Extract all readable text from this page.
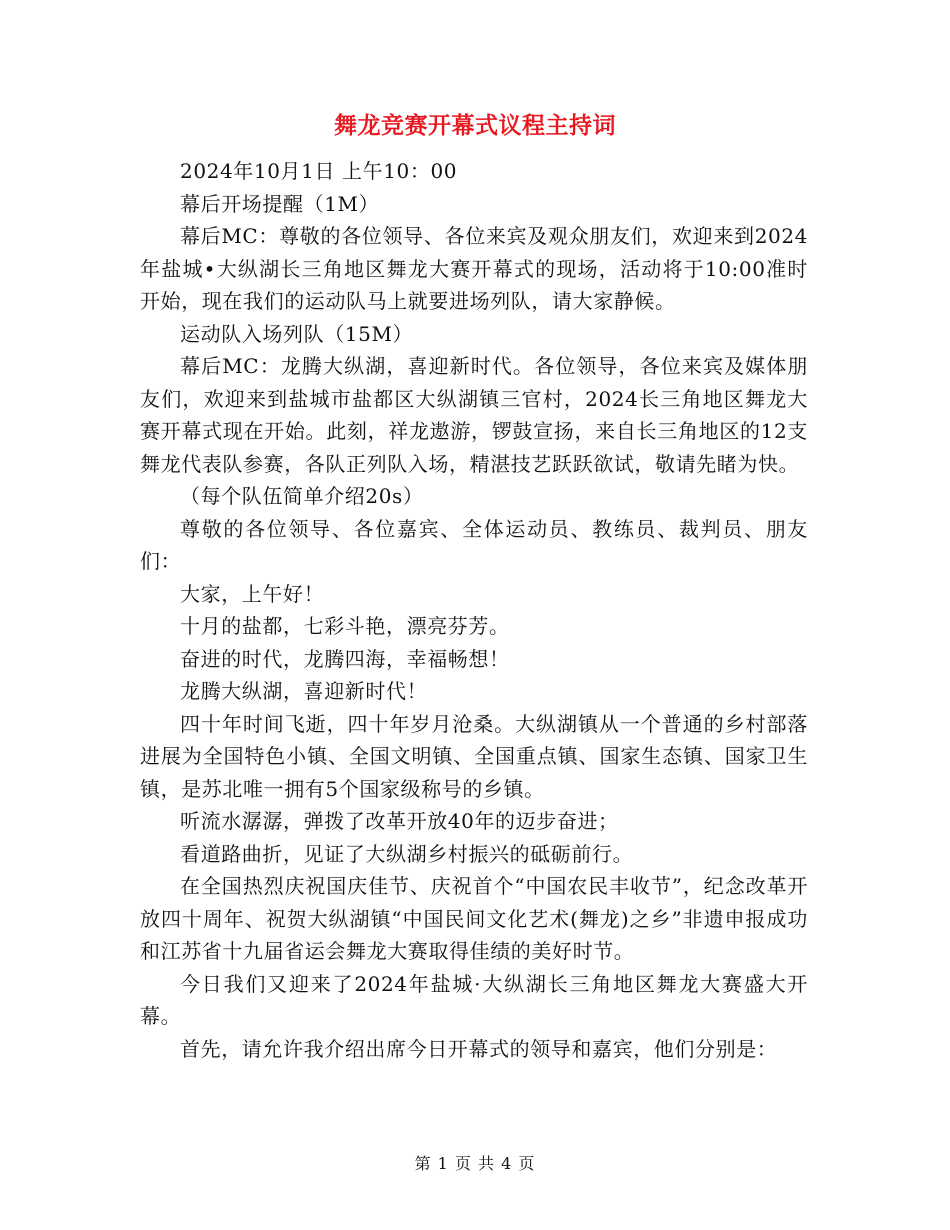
舞龙竞赛开幕式议程主持词

2024年10月1日 上午10：00

幕后开场提醒（1M）

幕后MC：尊敬的各位领导、各位来宾及观众朋友们，欢迎来到2024年盐城•大纵湖长三角地区舞龙大赛开幕式的现场，活动将于10:00准时开始，现在我们的运动队马上就要进场列队，请大家静候。

运动队入场列队（15M）

幕后MC：龙腾大纵湖，喜迎新时代。各位领导，各位来宾及媒体朋友们，欢迎来到盐城市盐都区大纵湖镇三官村，2024长三角地区舞龙大赛开幕式现在开始。此刻，祥龙遨游，锣鼓宣扬，来自长三角地区的12支舞龙代表队参赛，各队正列队入场，精湛技艺跃跃欲试，敬请先睹为快。

（每个队伍简单介绍20s）

尊敬的各位领导、各位嘉宾、全体运动员、教练员、裁判员、朋友们：

大家，上午好！

十月的盐都，七彩斗艳，漂亮芬芳。

奋进的时代，龙腾四海，幸福畅想！

龙腾大纵湖，喜迎新时代！

四十年时间飞逝，四十年岁月沧桑。大纵湖镇从一个普通的乡村部落进展为全国特色小镇、全国文明镇、全国重点镇、国家生态镇、国家卫生镇，是苏北唯一拥有5个国家级称号的乡镇。

听流水潺潺，弹拨了改革开放40年的迈步奋进；

看道路曲折，见证了大纵湖乡村振兴的砥砺前行。

在全国热烈庆祝国庆佳节、庆祝首个“中国农民丰收节”，纪念改革开放四十周年、祝贺大纵湖镇“中国民间文化艺术(舞龙)之乡”非遗申报成功和江苏省十九届省运会舞龙大赛取得佳绩的美好时节。

今日我们又迎来了2024年盐城·大纵湖长三角地区舞龙大赛盛大开幕。

首先，请允许我介绍出席今日开幕式的领导和嘉宾，他们分别是：

第 1 页 共 4 页
